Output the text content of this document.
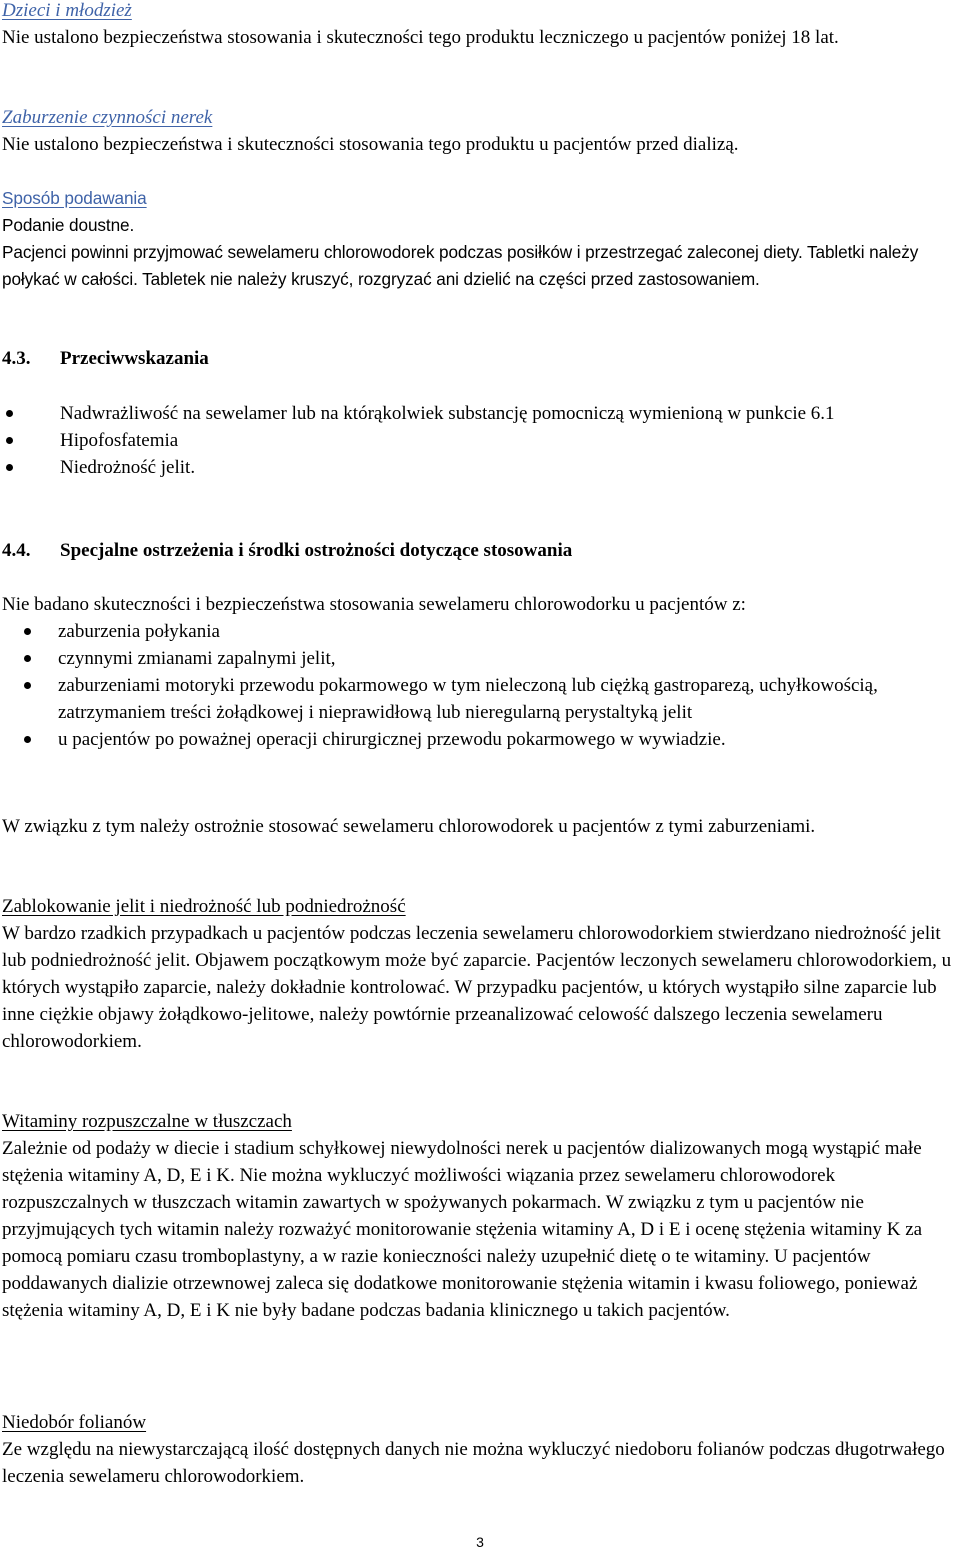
Dzieci i młodzież

Nie ustalono bezpieczeństwa stosowania i skuteczności tego produktu leczniczego u pacjentów poniżej 18 lat.

Zaburzenie czynności nerek

Nie ustalono bezpieczeństwa i skuteczności stosowania tego produktu u pacjentów przed dializą.

Sposób podawania

Podanie doustne.

Pacjenci powinni przyjmować sewelameru chlorowodorek podczas posiłków i przestrzegać zaleconej diety. Tabletki należy połykać w całości. Tabletek nie należy kruszyć, rozgryzać ani dzielić na części przed zastosowaniem.

4.3. Przeciwwskazania

Nadwrażliwość na sewelamer lub na którąkolwiek substancję pomocniczą wymienioną w punkcie 6.1
Hipofosfatemia
Niedrożność jelit.

4.4. Specjalne ostrzeżenia i środki ostrożności dotyczące stosowania

Nie badano skuteczności i bezpieczeństwa stosowania sewelameru chlorowodorku u pacjentów z:

zaburzenia połykania
czynnymi zmianami zapalnymi jelit,
zaburzeniami motoryki przewodu pokarmowego w tym nieleczoną lub ciężką gastroparezą, uchyłkowością, zatrzymaniem treści żołądkowej i nieprawidłową lub nieregularną perystaltyką jelit
u pacjentów po poważnej operacji chirurgicznej przewodu pokarmowego w wywiadzie.

W związku z tym należy ostrożnie stosować sewelameru chlorowodorek u pacjentów z tymi zaburzeniami.

Zablokowanie jelit i niedrożność lub podniedrożność

W bardzo rzadkich przypadkach u pacjentów podczas leczenia sewelameru chlorowodorkiem stwierdzano niedrożność jelit lub podniedrożność jelit. Objawem początkowym może być zaparcie. Pacjentów leczonych sewelameru chlorowodorkiem, u których wystąpiło zaparcie, należy dokładnie kontrolować. W przypadku pacjentów, u których wystąpiło silne zaparcie lub inne ciężkie objawy żołądkowo-jelitowe, należy powtórnie przeanalizować celowość dalszego leczenia sewelameru chlorowodorkiem.

Witaminy rozpuszczalne w tłuszczach

Zależnie od podaży w diecie i stadium schyłkowej niewydolności nerek u pacjentów dializowanych mogą wystąpić małe stężenia witaminy A, D, E i K. Nie można wykluczyć możliwości wiązania przez sewelameru chlorowodorek rozpuszczalnych w tłuszczach witamin zawartych w spożywanych pokarmach. W związku z tym u pacjentów nie przyjmujących tych witamin należy rozważyć monitorowanie stężenia witaminy A, D i E i ocenę stężenia witaminy K za pomocą pomiaru czasu tromboplastyny, a w razie konieczności należy uzupełnić dietę o te witaminy. U pacjentów poddawanych dializie otrzewnowej zaleca się dodatkowe monitorowanie stężenia witamin i kwasu foliowego, ponieważ stężenia witaminy A, D, E i K nie były badane podczas badania klinicznego u takich pacjentów.

Niedobór folianów

Ze względu na niewystarczającą ilość dostępnych danych nie można wykluczyć niedoboru folianów podczas długotrwałego leczenia sewelameru chlorowodorkiem.

3
